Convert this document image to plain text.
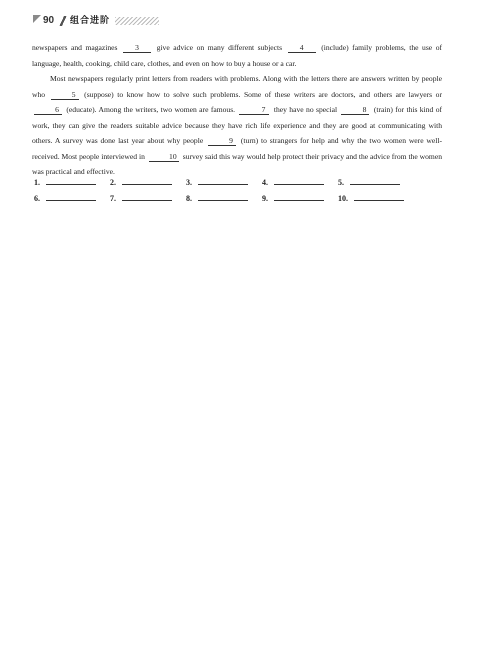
90 组合进阶

newspapers and magazines 3 give advice on many different subjects 4 (include) family problems, the use of language, health, cooking, child care, clothes, and even on how to buy a house or a car.

Most newspapers regularly print letters from readers with problems. Along with the letters there are answers written by people who	5 (suppose) to know how to solve such problems. Some of these writers are doctors, and others are lawyers or 6 (educate). Among the writers, two women are famous.	7 they have no special	8 (train) for this kind of work, they can give the readers suitable advice because they have rich life experience and they are good at communicating with others. A survey was done last year about why people	9 (turn) to strangers for help and why the two women were well-received. Most people interviewed in	10 survey said this way would help protect their privacy and the advice from the women was practical and effective.

1.	2.	3.	4.	5.
6.	7.	8.	9.	10.
